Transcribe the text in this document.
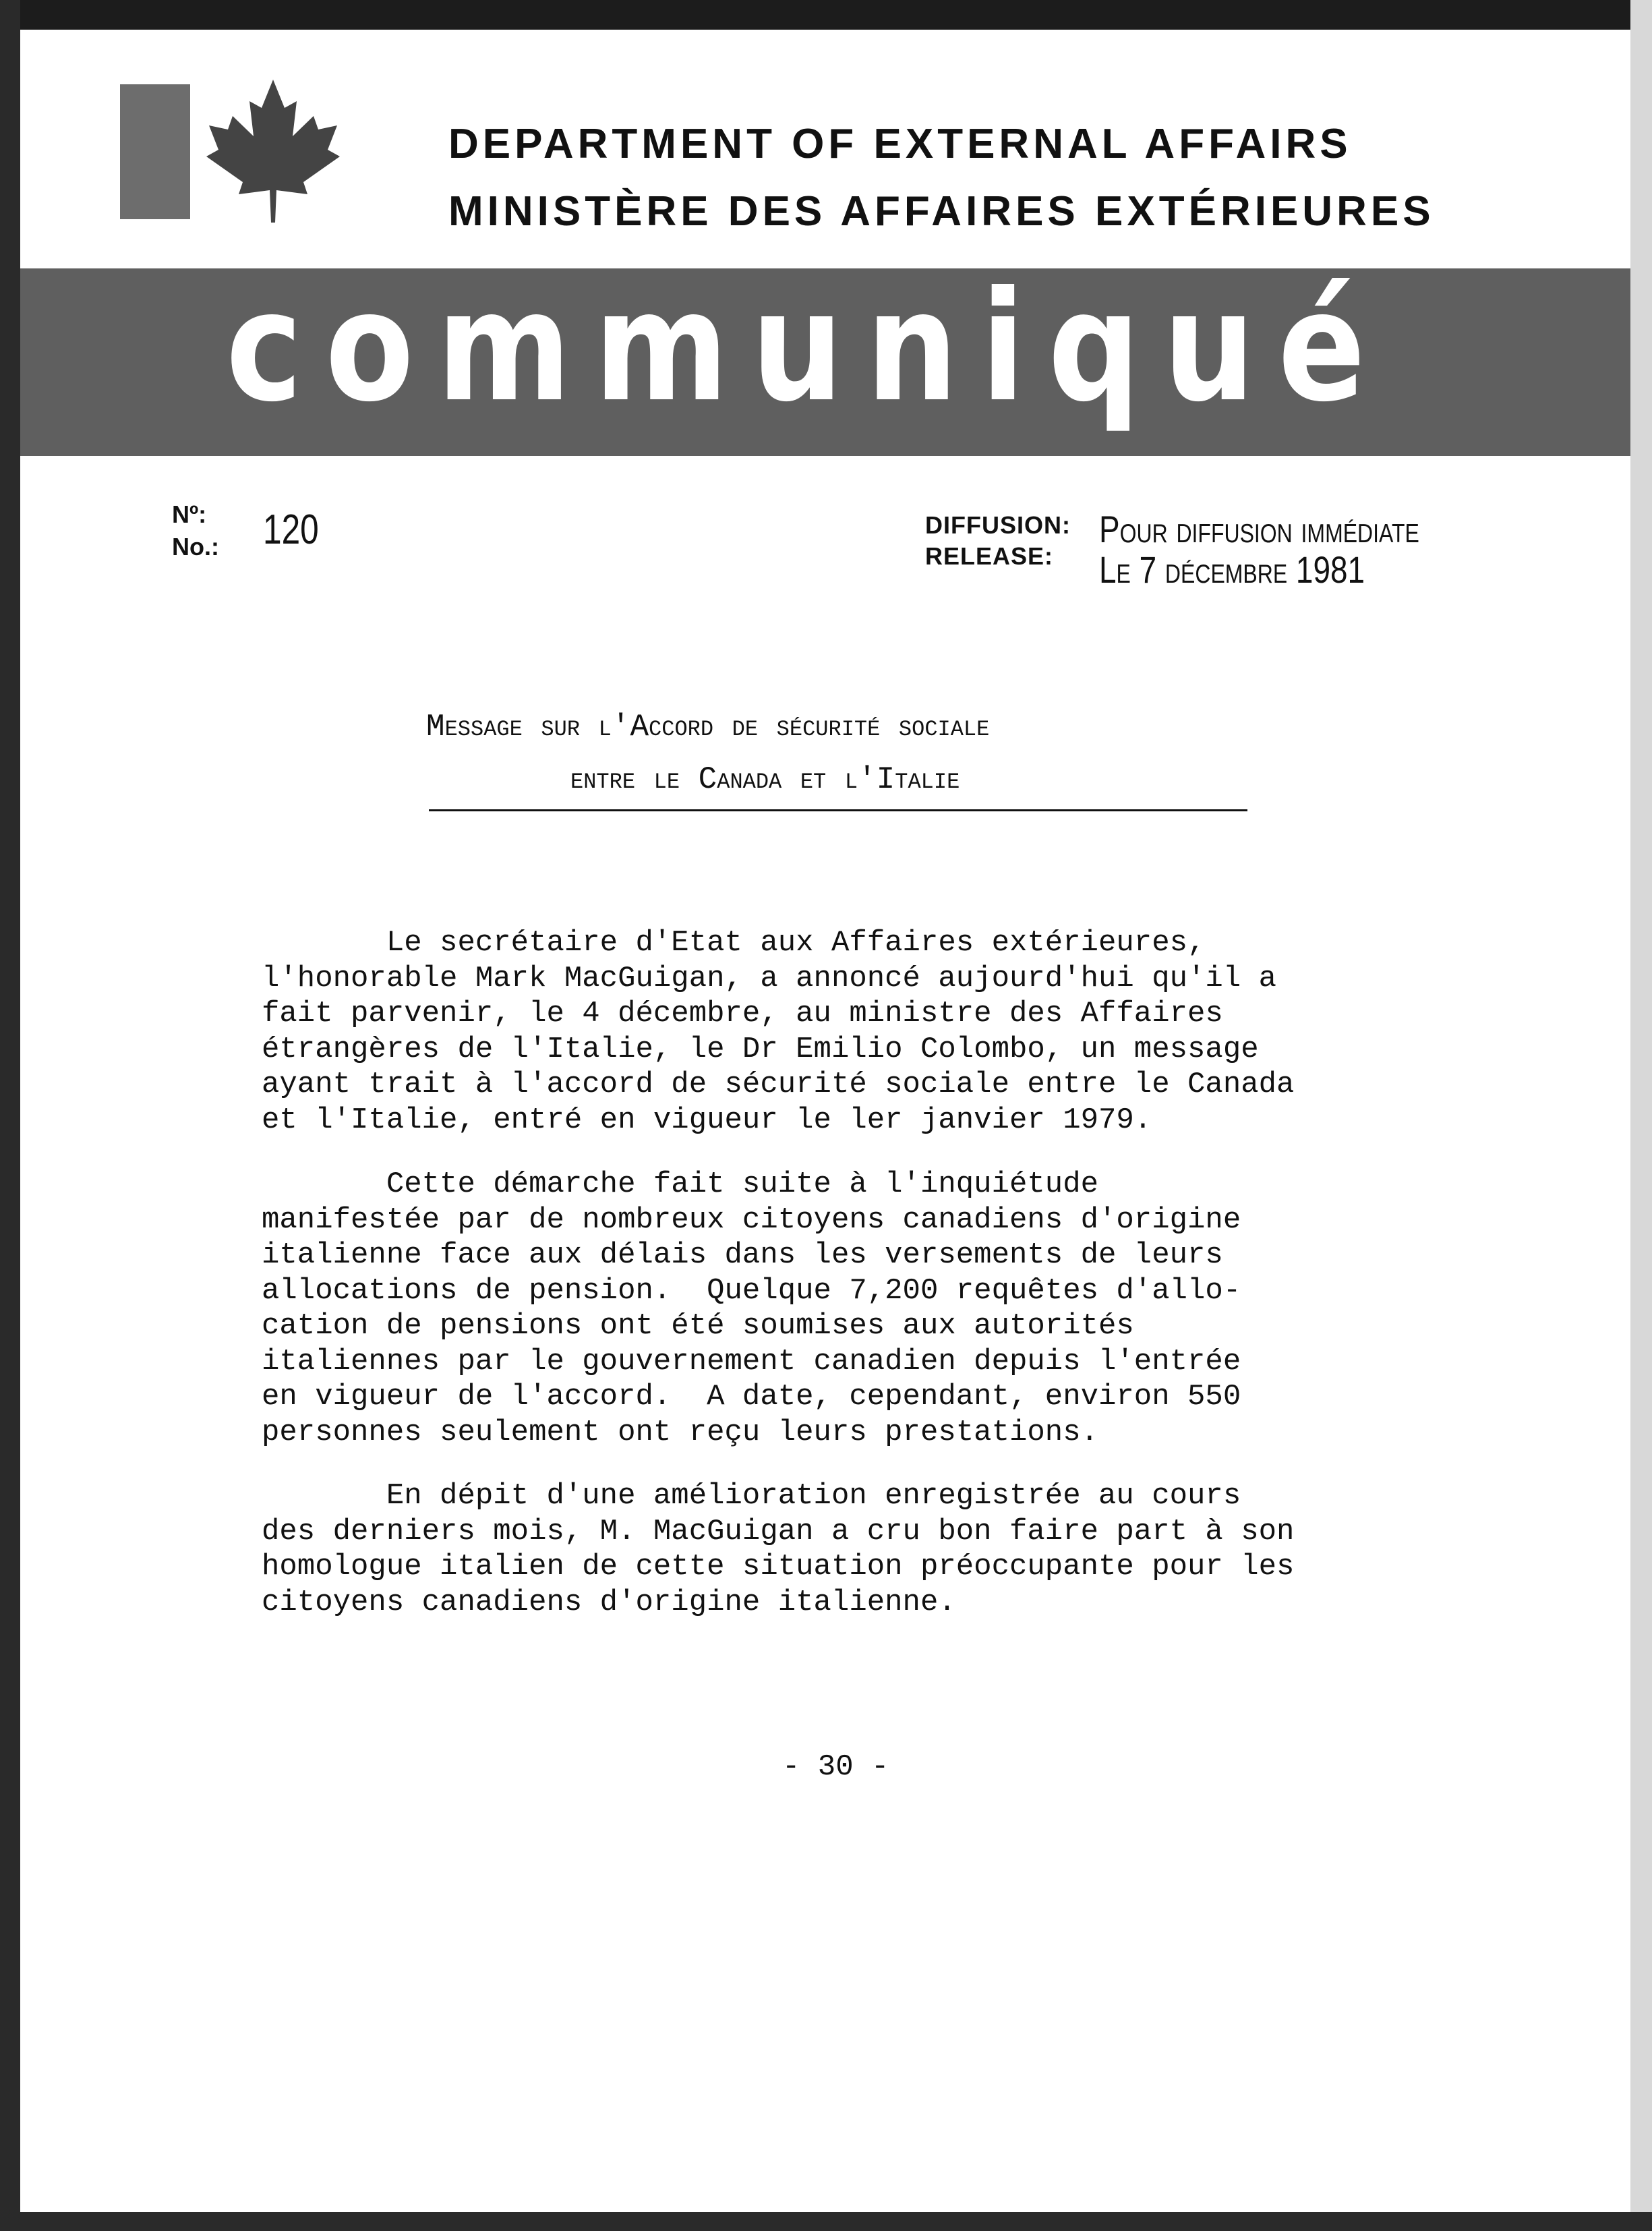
DEPARTMENT OF EXTERNAL AFFAIRS
MINISTÈRE DES AFFAIRES EXTÉRIEURES
communiqué
Nº:
No.: 120	DIFFUSION:
RELEASE:
Pour diffusion immédiate
Le 7 décembre 1981
Message sur l'Accord de sécurité sociale
entre le Canada et l'Italie
Le secrétaire d'Etat aux Affaires extérieures,
l'honorable Mark MacGuigan, a annoncé aujourd'hui qu'il a
fait parvenir, le 4 décembre, au ministre des Affaires
étrangères de l'Italie, le Dr Emilio Colombo, un message
ayant trait à l'accord de sécurité sociale entre le Canada
et l'Italie, entré en vigueur le ler janvier 1979.
Cette démarche fait suite à l'inquiétude
manifestée par de nombreux citoyens canadiens d'origine
italienne face aux délais dans les versements de leurs
allocations de pension.  Quelque 7,200 requêtes d'allo-
cation de pensions ont été soumises aux autorités
italiennes par le gouvernement canadien depuis l'entrée
en vigueur de l'accord.  A date, cependant, environ 550
personnes seulement ont reçu leurs prestations.
En dépit d'une amélioration enregistrée au cours
des derniers mois, M. MacGuigan a cru bon faire part à son
homologue italien de cette situation préoccupante pour les
citoyens canadiens d'origine italienne.
- 30 -
